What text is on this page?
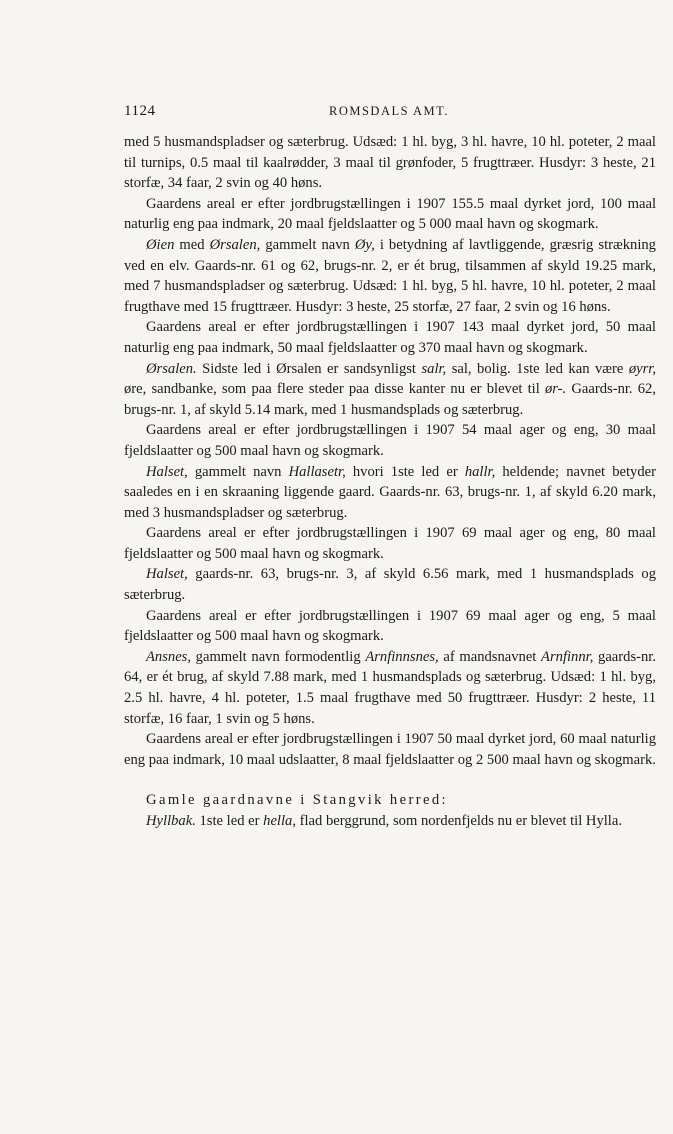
1124	ROMSDALS AMT.

med 5 husmandspladser og sæterbrug. Udsæd: 1 hl. byg, 3 hl. havre, 10 hl. poteter, 2 maal til turnips, 0.5 maal til kaalrødder, 3 maal til grønfoder, 5 frugttræer. Husdyr: 3 heste, 21 storfæ, 34 faar, 2 svin og 40 høns.

Gaardens areal er efter jordbrugstællingen i 1907 155.5 maal dyrket jord, 100 maal naturlig eng paa indmark, 20 maal fjeldslaatter og 5 000 maal havn og skogmark.

Øien med Ørsalen, gammelt navn Øy, i betydning af lavtliggende, græsrig strækning ved en elv. Gaards-nr. 61 og 62, brugs-nr. 2, er ét brug, tilsammen af skyld 19.25 mark, med 7 husmandspladser og sæterbrug. Udsæd: 1 hl. byg, 5 hl. havre, 10 hl. poteter, 2 maal frugthave med 15 frugttræer. Husdyr: 3 heste, 25 storfæ, 27 faar, 2 svin og 16 høns.

Gaardens areal er efter jordbrugstællingen i 1907 143 maal dyrket jord, 50 maal naturlig eng paa indmark, 50 maal fjeldslaatter og 370 maal havn og skogmark.

Ørsalen. Sidste led i Ørsalen er sandsynligst salr, sal, bolig. 1ste led kan være øyrr, øre, sandbanke, som paa flere steder paa disse kanter nu er blevet til ør-. Gaards-nr. 62, brugs-nr. 1, af skyld 5.14 mark, med 1 husmandsplads og sæterbrug.

Gaardens areal er efter jordbrugstællingen i 1907 54 maal ager og eng, 30 maal fjeldslaatter og 500 maal havn og skogmark.

Halset, gammelt navn Hallasetr, hvori 1ste led er hallr, heldende; navnet betyder saaledes en i en skraaning liggende gaard. Gaards-nr. 63, brugs-nr. 1, af skyld 6.20 mark, med 3 husmandspladser og sæterbrug.

Gaardens areal er efter jordbrugstællingen i 1907 69 maal ager og eng, 80 maal fjeldslaatter og 500 maal havn og skogmark.

Halset, gaards-nr. 63, brugs-nr. 3, af skyld 6.56 mark, med 1 husmandsplads og sæterbrug.

Gaardens areal er efter jordbrugstællingen i 1907 69 maal ager og eng, 5 maal fjeldslaatter og 500 maal havn og skogmark.

Ansnes, gammelt navn formodentlig Arnfinnsnes, af mandsnavnet Arnfinnr, gaards-nr. 64, er ét brug, af skyld 7.88 mark, med 1 husmandsplads og sæterbrug. Udsæd: 1 hl. byg, 2.5 hl. havre, 4 hl. poteter, 1.5 maal frugthave med 50 frugttræer. Husdyr: 2 heste, 11 storfæ, 16 faar, 1 svin og 5 høns.

Gaardens areal er efter jordbrugstællingen i 1907 50 maal dyrket jord, 60 maal naturlig eng paa indmark, 10 maal udslaatter, 8 maal fjeldslaatter og 2 500 maal havn og skogmark.

Gamle gaardnavne i Stangvik herred:

Hyllbak. 1ste led er hella, flad berggrund, som nordenfjelds nu er blevet til Hylla.
